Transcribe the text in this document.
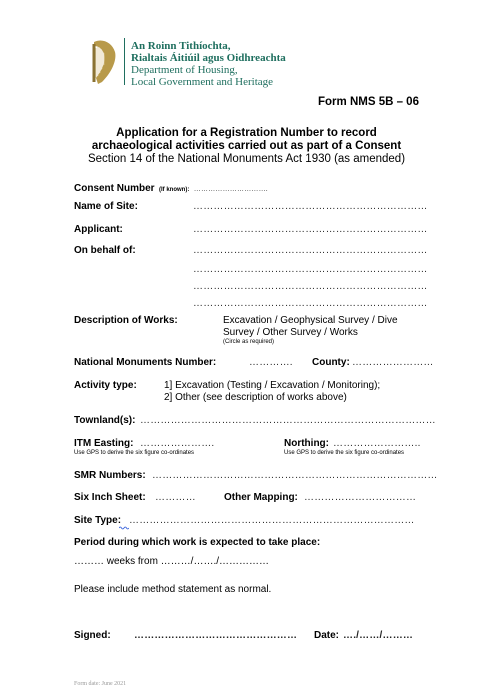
An Roinn Tithíochta,
Rialtais Áitiúil agus Oidhreachta
Department of Housing,
Local Government and Heritage
Form NMS 5B – 06
Application for a Registration Number to record
archaeological activities carried out as part of a Consent
Section 14 of the National Monuments Act 1930 (as amended)
Consent Number (If known): ………………………….
Name of Site:	……………………………………………………………
Applicant:	……………………………………………………………
On behalf of:	……………………………………………………………
……………………………………………………………
……………………………………………………………
……………………………………………………………
Description of Works:	Excavation / Geophysical Survey / Dive
Survey / Other Survey / Works
(Circle as required)
National Monuments Number:	…………. County: ……………………
Activity type:	1] Excavation (Testing / Excavation / Monitoring);
2] Other (see description of works above)
Townland(s): ……………………………………………………………………………
ITM Easting: ………………….
Use GPS to derive the six figure co-ordinates
Northing: ……………………..
Use GPS to derive the six figure co-ordinates
SMR Numbers: …………………………………………………………………………
Six Inch Sheet: …………	Other Mapping: ……………………………
Site Type: …………………………………………………………………………
Period during which work is expected to take place:
……… weeks from ………/……./……………
Please include method statement as normal.
Signed: ………………………………………… Date: …./……/………
Form date: June 2021
